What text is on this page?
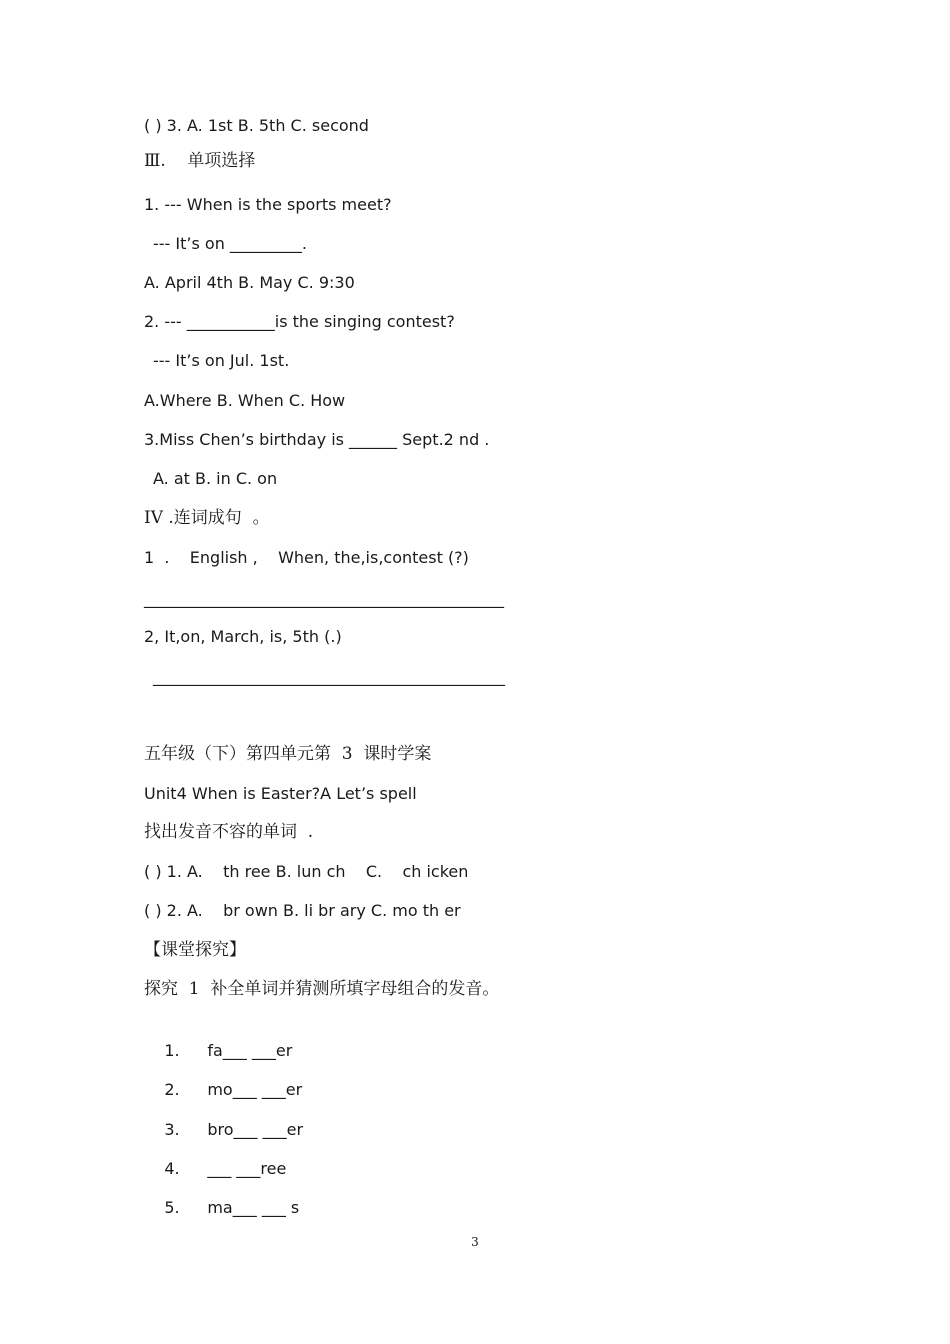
( ) 3. A. 1st B. 5th C. second
Ⅲ.    单项选择
1. --- When is the sports meet?
--- It’s on _________.
A. April 4th B. May C. 9:30
2. --- ___________is the singing contest?
--- It’s on Jul. 1st.
A.Where B. When C. How
3.Miss Chen’s birthday is ______ Sept.2 nd .
A. at B. in C. on
IV .连词成句  。
1  .    English ,    When, the,is,contest (?)
_____________________________________________
2, It,on, March, is, 5th (.)
____________________________________________
五年级（下）第四单元第  3  课时学案
Unit4 When is Easter?A Let’s spell
找出发音不容的单词  .
( ) 1. A.    th ree B. lun ch    C.    ch icken
( ) 2. A.    br own B. li br ary C. mo th er
【课堂探究】
探究  1  补全单词并猜测所填字母组合的发音。

1. fa___ ___er

2. mo___ ___er

3. bro___ ___er

4. ___ ___ree

5. ma___ ___ s

3
